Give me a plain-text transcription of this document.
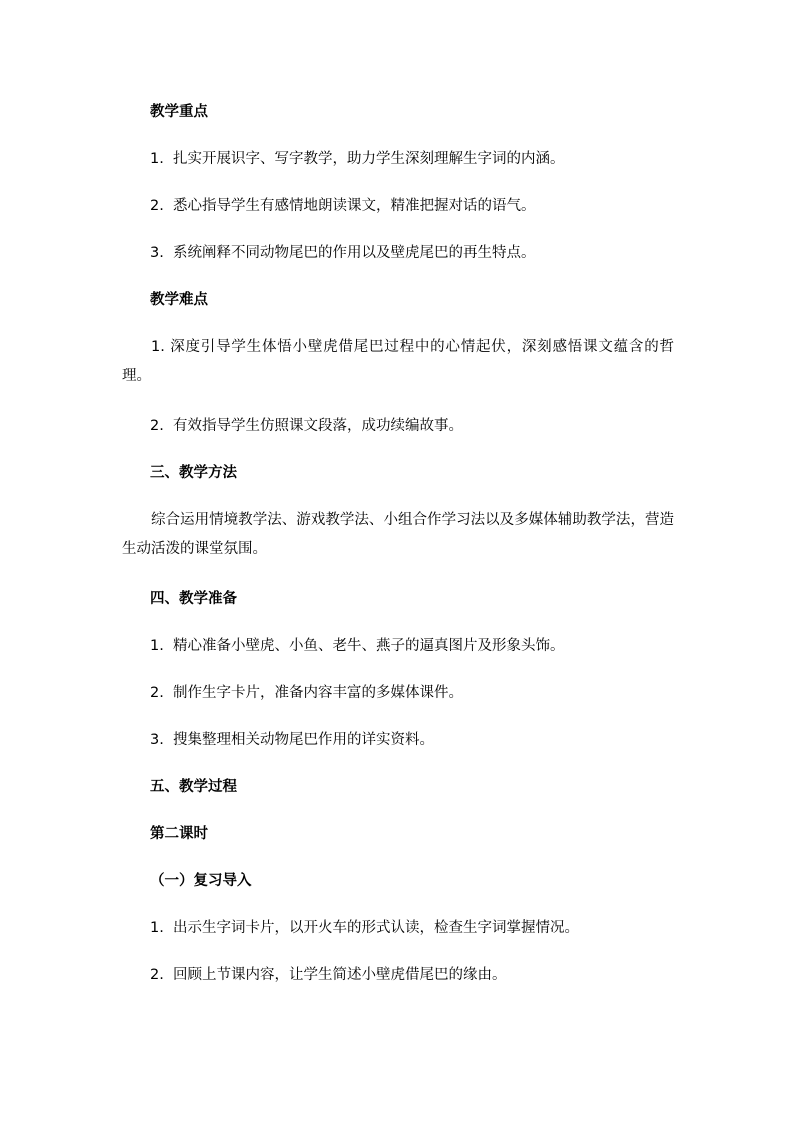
教学重点

1. 扎实开展识字、写字教学，助力学生深刻理解生字词的内涵。

2. 悉心指导学生有感情地朗读课文，精准把握对话的语气。

3. 系统阐释不同动物尾巴的作用以及壁虎尾巴的再生特点。

教学难点

1. 深度引导学生体悟小壁虎借尾巴过程中的心情起伏，深刻感悟课文蕴含的哲理。

2. 有效指导学生仿照课文段落，成功续编故事。

三、教学方法

综合运用情境教学法、游戏教学法、小组合作学习法以及多媒体辅助教学法，营造生动活泼的课堂氛围。

四、教学准备

1. 精心准备小壁虎、小鱼、老牛、燕子的逼真图片及形象头饰。

2. 制作生字卡片，准备内容丰富的多媒体课件。

3. 搜集整理相关动物尾巴作用的详实资料。

五、教学过程

第二课时

（一）复习导入

1. 出示生字词卡片，以开火车的形式认读，检查生字词掌握情况。

2. 回顾上节课内容，让学生简述小壁虎借尾巴的缘由。
